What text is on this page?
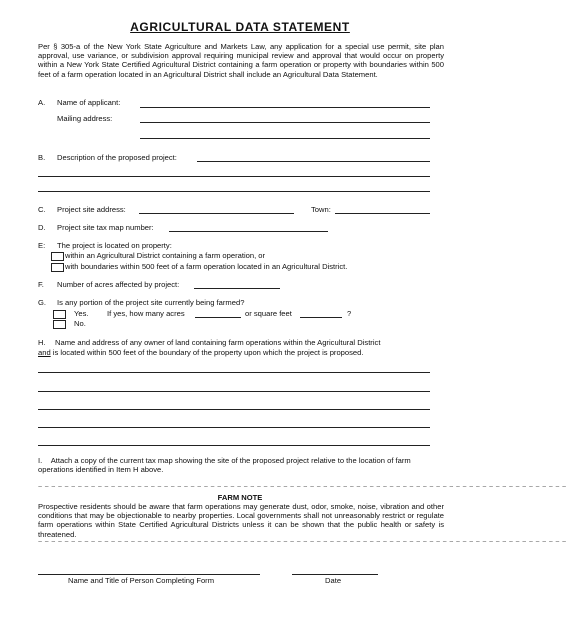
AGRICULTURAL DATA STATEMENT
Per § 305-a of the New York State Agriculture and Markets Law, any application for a special use permit, site plan approval, use variance, or subdivision approval requiring municipal review and approval that would occur on property within a New York State Certified Agricultural District containing a farm operation or property with boundaries within 500 feet of a farm operation located in an Agricultural District shall include an Agricultural Data Statement.
A. Name of applicant:
Mailing address:
B. Description of the proposed project:
C. Project site address:	Town:
D. Project site tax map number:
E: The project is located on property:
within an Agricultural District containing a farm operation, or
with boundaries within 500 feet of a farm operation located in an Agricultural District.
F. Number of acres affected by project:
G. Is any portion of the project site currently being farmed?
Yes. If yes, how many acres	or square feet	?
No.
H. Name and address of any owner of land containing farm operations within the Agricultural District
and is located within 500 feet of the boundary of the property upon which the project is proposed.
I. Attach a copy of the current tax map showing the site of the proposed project relative to the location of farm operations identified in Item H above.
~ ~ ~ ~ ~ ~ ~ ~ ~ ~ ~ ~ ~ ~ ~ ~ ~ ~ ~ ~ ~ ~ ~ ~ ~ ~ ~ ~ ~ ~ ~ ~ ~ ~ ~ ~ ~ ~ ~ ~ ~ ~ ~ ~ ~ ~ ~ ~ ~ ~ ~ ~ ~ ~ ~ ~ ~ ~ ~ ~ ~ ~ ~ ~ ~ ~ ~ ~ ~ ~ ~ ~ ~ ~ ~ ~ ~ ~ ~ ~
FARM NOTE
Prospective residents should be aware that farm operations may generate dust, odor, smoke, noise, vibration and other conditions that may be objectionable to nearby properties. Local governments shall not unreasonably restrict or regulate farm operations within State Certified Agricultural Districts unless it can be shown that the public health or safety is threatened.
~ ~ ~ ~ ~ ~ ~ ~ ~ ~ ~ ~ ~ ~ ~ ~ ~ ~ ~ ~ ~ ~ ~ ~ ~ ~ ~ ~ ~ ~ ~ ~ ~ ~ ~ ~ ~ ~ ~ ~ ~ ~ ~ ~ ~ ~ ~ ~ ~ ~ ~ ~ ~ ~ ~ ~ ~ ~ ~ ~ ~ ~ ~ ~ ~ ~ ~ ~ ~ ~ ~ ~ ~ ~ ~ ~ ~ ~ ~ ~
Name and Title of Person Completing Form	Date
